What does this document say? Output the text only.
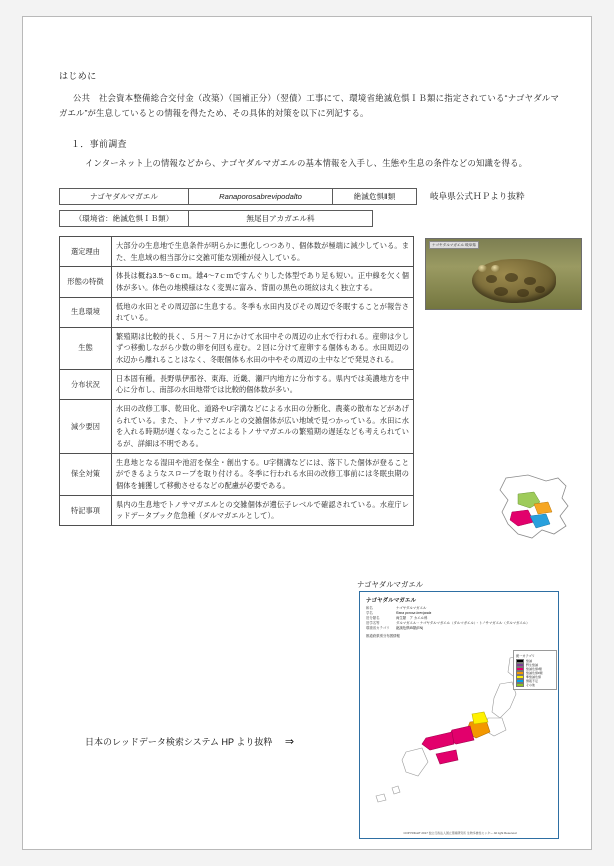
はじめに
公共　社会資本整備総合交付金（改築）（国補正分）（翌債）工事にて、環境省絶滅危惧ＩＢ類に指定されている“ナゴヤダルマガエル”が生息しているとの情報を得たため、その具体的対策を以下に列記する。
１．事前調査
インターネット上の情報などから、ナゴヤダルマガエルの基本情報を入手し、生態や生息の条件などの知識を得る。
ナゴヤダルマガエル	Ranaporosabrevipodalto	絶滅危惧Ⅱ類	岐阜県公式ＨＰより抜粋
（環境省：絶滅危惧ＩＢ類）	無尾目アカガエル科
選定理由	大部分の生息地で生息条件が明らかに悪化しつつあり、個体数が極端に減少している。また、生息域の相当部分に交雑可能な別種が侵入している。
形態の特徴	体長は概ね3.5～6ｃｍ。雄4～7ｃｍですんぐりした体型であり足も短い。正中線を欠く個体が多い。体色の地模様はなく変異に富み、背面の黒色の斑紋は丸く独立する。
生息環境	低地の水田とその周辺部に生息する。冬季も水田内及びその周辺で冬眠することが報告されている。
生態	繁殖期は比較的長く、５月～７月にかけて水田中その周辺の止水で行われる。産卵は少しずつ移動しながら少数の卵を何回も産む。２回に分けて産卵する個体もある。水田周辺の水辺から離れることはなく、冬眠個体も水田の中やその周辺の土中などで発見される。
分布状況	日本固有種。長野県伊那谷、東海、近畿、瀬戸内地方に分布する。県内では美濃地方を中心に分布し、南部の水田地帯では比較的個体数が多い。
減少要因	水田の改修工事、乾田化、道路やU字溝などによる水田の分断化、農薬の散布などがあげられている。また、トノサマガエルとの交雑個体が広い地域で見つかっている。水田に水を入れる時期が遅くなったことによるトノサマガエルの繁殖期の遅延なども考えられているが、詳細は不明である。
保全対策	生息地となる湿田や池沼を保全・創出する。U字側溝などには、落下した個体が登ることができるようなスロープを取り付ける。冬季に行われる水田の改修工事前には冬眠虫期の個体を捕獲して移動させるなどの配慮が必要である。
特記事項	県内の生息地でトノサマガエルとの交雑個体が遺伝子レベルで確認されている。水産庁レッドデータブック危急種（ダルマガエルとして）。
ナゴヤダルマガエル 岐阜県
日本のレッドデータ検索システム HP より抜粋 ⇒
ナゴヤダルマガエル
ナゴヤダルマガエル
和名	ナゴヤダルマガエル
学名	Rana porosa brevipoda
旧分類名	両生類　ア カエル科
旧学名等	ダルマガエル・ナゴヤダルマガエル（ダルマガエル）・トノサマガエル（ダルマガエル）
環境省カテゴリ	絶滅危惧ⅠB類(EN)
都道府県別分布図情報
統一カテゴリ
絶滅
野生絶滅
絶滅危惧Ⅰ類
絶滅危惧Ⅱ類
準絶滅危惧
情報不足
その他
COPYRIGHT 2017 独立行政法人国立環境研究所 生物多様性センター All right Reserved
